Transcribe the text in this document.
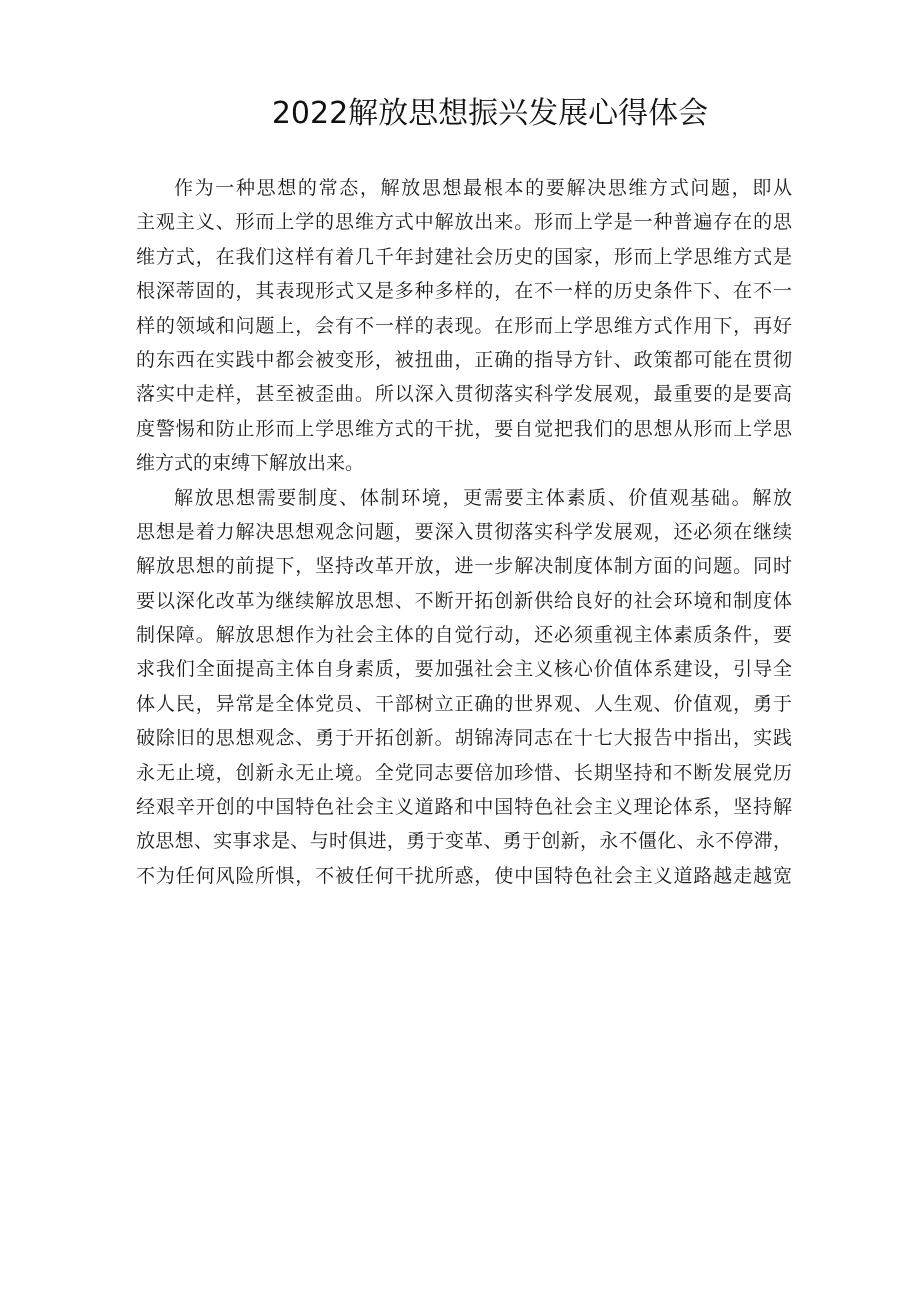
2022解放思想振兴发展心得体会
作为一种思想的常态，解放思想最根本的要解决思维方式问题，即从
主观主义、形而上学的思维方式中解放出来。形而上学是一种普遍存在的思
维方式，在我们这样有着几千年封建社会历史的国家，形而上学思维方式是
根深蒂固的，其表现形式又是多种多样的，在不一样的历史条件下、在不一
样的领域和问题上，会有不一样的表现。在形而上学思维方式作用下，再好
的东西在实践中都会被变形，被扭曲，正确的指导方针、政策都可能在贯彻
落实中走样，甚至被歪曲。所以深入贯彻落实科学发展观，最重要的是要高
度警惕和防止形而上学思维方式的干扰，要自觉把我们的思想从形而上学思
维方式的束缚下解放出来。
解放思想需要制度、体制环境，更需要主体素质、价值观基础。解放
思想是着力解决思想观念问题，要深入贯彻落实科学发展观，还必须在继续
解放思想的前提下，坚持改革开放，进一步解决制度体制方面的问题。同时
要以深化改革为继续解放思想、不断开拓创新供给良好的社会环境和制度体
制保障。解放思想作为社会主体的自觉行动，还必须重视主体素质条件，要
求我们全面提高主体自身素质，要加强社会主义核心价值体系建设，引导全
体人民，异常是全体党员、干部树立正确的世界观、人生观、价值观，勇于
破除旧的思想观念、勇于开拓创新。胡锦涛同志在十七大报告中指出，实践
永无止境，创新永无止境。全党同志要倍加珍惜、长期坚持和不断发展党历
经艰辛开创的中国特色社会主义道路和中国特色社会主义理论体系，坚持解
放思想、实事求是、与时俱进，勇于变革、勇于创新，永不僵化、永不停滞，
不为任何风险所惧，不被任何干扰所惑，使中国特色社会主义道路越走越宽
